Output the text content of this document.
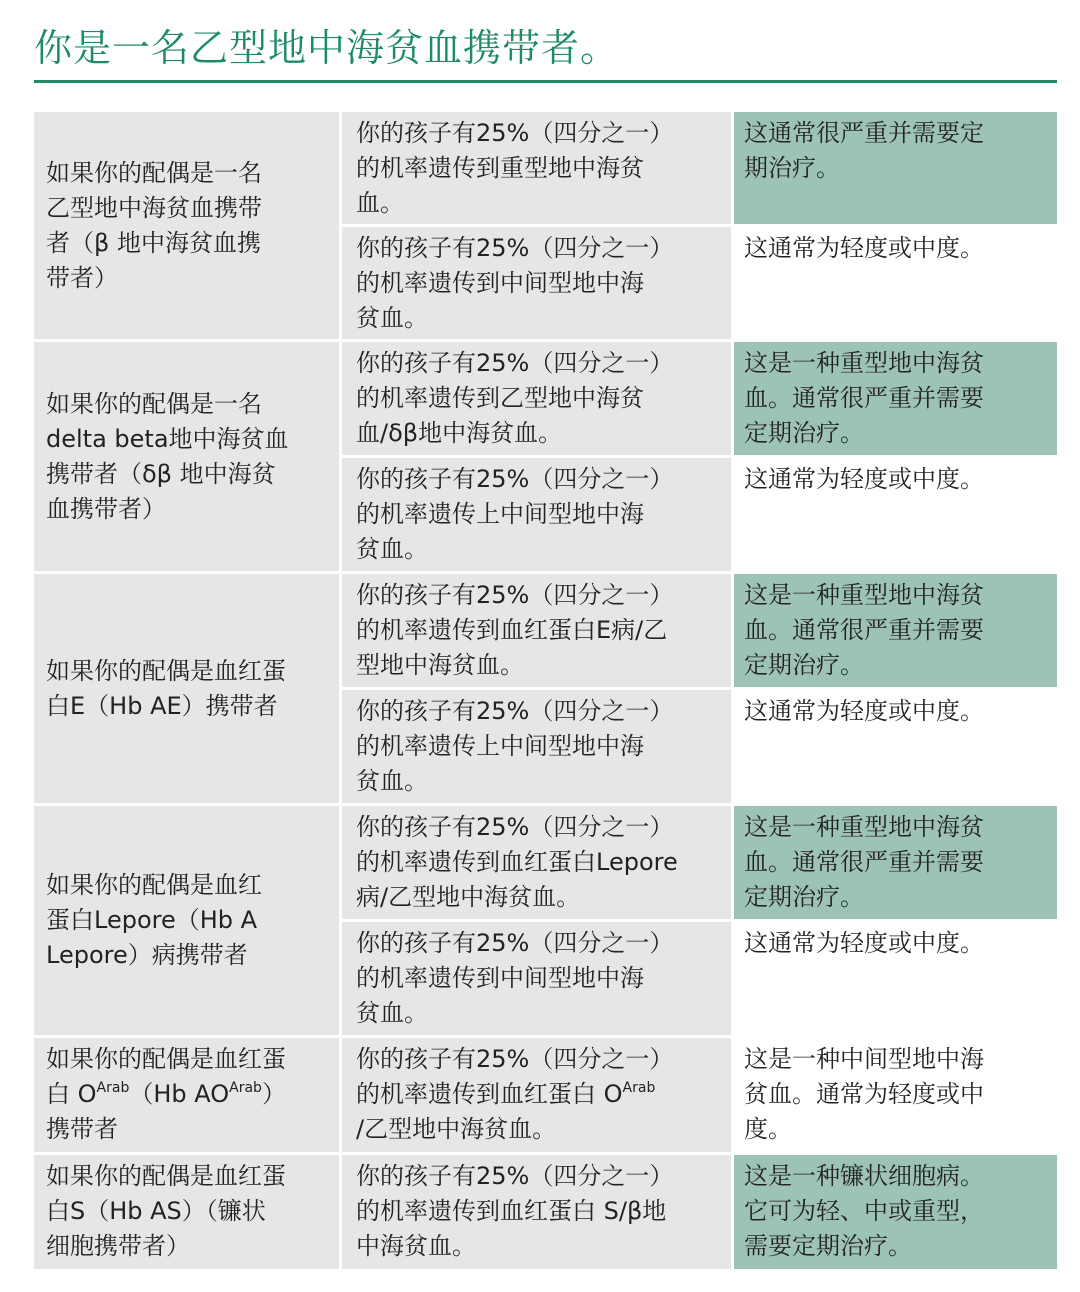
你是一名乙型地中海贫血携带者。
如果你的配偶是一名
乙型地中海贫血携带
者（β 地中海贫血携
带者）
你的孩子有25%（四分之一）
的机率遗传到重型地中海贫
血。
这通常很严重并需要定
期治疗。
你的孩子有25%（四分之一）
的机率遗传到中间型地中海
贫血。
这通常为轻度或中度。
如果你的配偶是一名
delta beta地中海贫血
携带者（δβ 地中海贫
血携带者）
你的孩子有25%（四分之一）
的机率遗传到乙型地中海贫
血/δβ地中海贫血。
这是一种重型地中海贫
血。通常很严重并需要
定期治疗。
你的孩子有25%（四分之一）
的机率遗传上中间型地中海
贫血。
这通常为轻度或中度。
如果你的配偶是血红蛋
白E（Hb AE）携带者
你的孩子有25%（四分之一）
的机率遗传到血红蛋白E病/乙
型地中海贫血。
这是一种重型地中海贫
血。通常很严重并需要
定期治疗。
你的孩子有25%（四分之一）
的机率遗传上中间型地中海
贫血。
这通常为轻度或中度。
如果你的配偶是血红
蛋白Lepore（Hb A
Lepore）病携带者
你的孩子有25%（四分之一）
的机率遗传到血红蛋白Lepore
病/乙型地中海贫血。
这是一种重型地中海贫
血。通常很严重并需要
定期治疗。
你的孩子有25%（四分之一）
的机率遗传到中间型地中海
贫血。
这通常为轻度或中度。
如果你的配偶是血红蛋
白 $O^{Arab}(Hb$ $AO^{Arab}$）
携带者
你的孩子有25%（四分之一）
的机率遗传到血红蛋白 $O^{Arab}$
/乙型地中海贫血。
这是一种中间型地中海
贫血。通常为轻度或中
度。
如果你的配偶是血红蛋
白S（Hb AS）（镰状
细胞携带者）
你的孩子有25%（四分之一）
的机率遗传到血红蛋白 S/β地
中海贫血。
这是一种镰状细胞病。
它可为轻、中或重型，
需要定期治疗。
